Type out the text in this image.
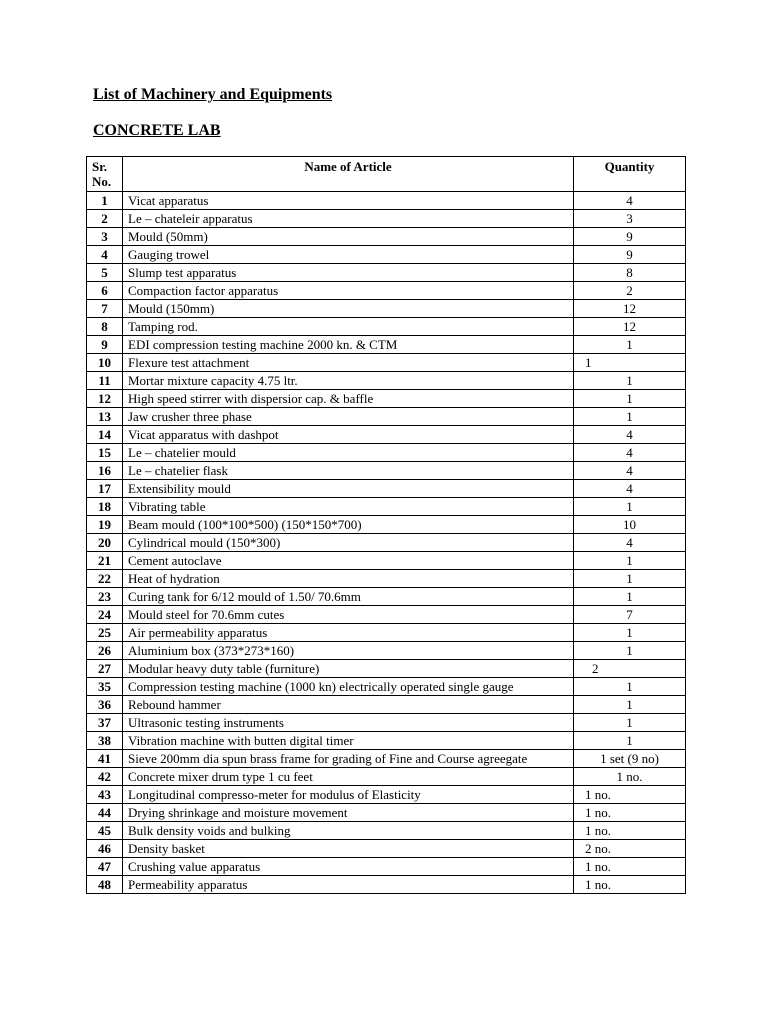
List of Machinery and Equipments
CONCRETE LAB
Sr.
No.	Name of Article	Quantity
1	Vicat apparatus	4
2	Le – chateleir apparatus	3
3	Mould (50mm)	9
4	Gauging trowel	9
5	Slump test apparatus	8
6	Compaction factor apparatus	2
7	Mould (150mm)	12
8	Tamping rod.	12
9	EDI compression testing machine 2000 kn. & CTM	1
10	Flexure test attachment	1
11	Mortar mixture capacity 4.75 ltr.	1
12	High speed stirrer with dispersior cap. & baffle	1
13	Jaw crusher three phase	1
14	Vicat apparatus with dashpot	4
15	Le – chatelier mould	4
16	Le – chatelier flask	4
17	Extensibility mould	4
18	Vibrating table	1
19	Beam mould (100*100*500) (150*150*700)	10
20	Cylindrical mould (150*300)	4
21	Cement autoclave	1
22	Heat of hydration	1
23	Curing tank for 6/12 mould of 1.50/ 70.6mm	1
24	Mould steel for 70.6mm cutes	7
25	Air permeability apparatus	1
26	Aluminium box (373*273*160)	1
27	Modular heavy duty table (furniture)	2
35	Compression testing machine (1000 kn) electrically operated single gauge	1
36	Rebound hammer	1
37	Ultrasonic testing instruments	1
38	Vibration machine with butten digital timer	1
41	Sieve 200mm dia spun brass frame for grading of Fine and Course agreegate	1 set (9 no)
42	Concrete mixer drum type 1 cu feet	1 no.
43	Longitudinal compresso-meter for modulus of Elasticity	1 no.
44	Drying shrinkage and moisture movement	1 no.
45	Bulk density voids and bulking	1 no.
46	Density basket	2 no.
47	Crushing value apparatus	1 no.
48	Permeability apparatus	1 no.
